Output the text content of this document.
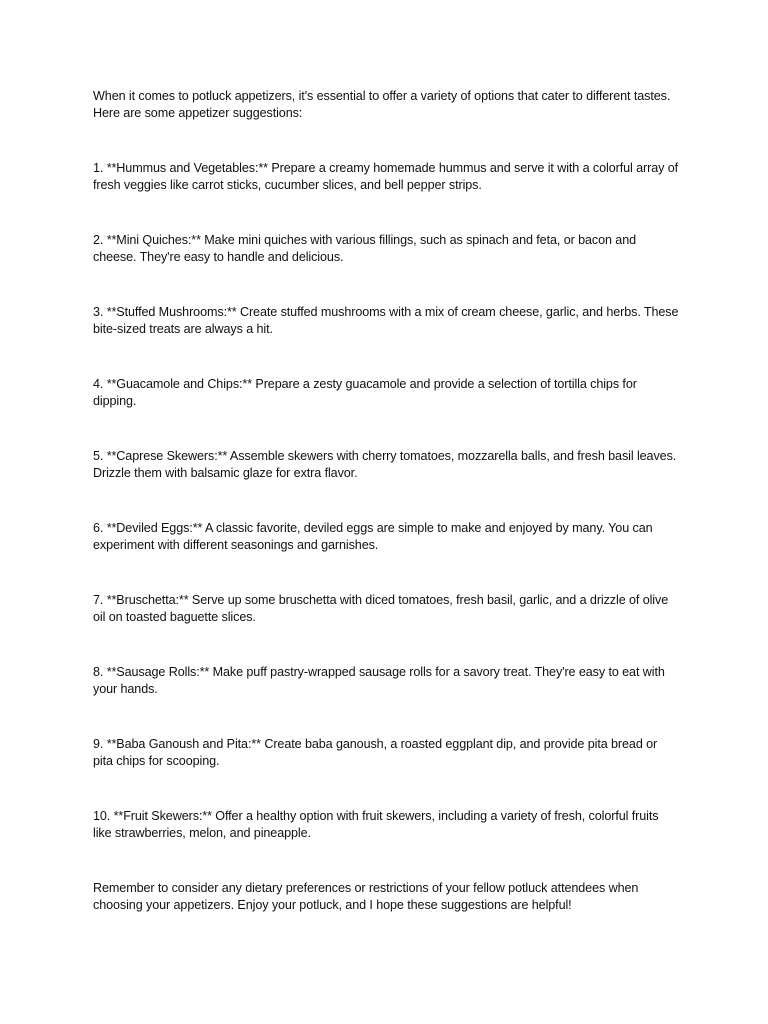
When it comes to potluck appetizers, it's essential to offer a variety of options that cater to different tastes. Here are some appetizer suggestions:

1. **Hummus and Vegetables:** Prepare a creamy homemade hummus and serve it with a colorful array of fresh veggies like carrot sticks, cucumber slices, and bell pepper strips.

2. **Mini Quiches:** Make mini quiches with various fillings, such as spinach and feta, or bacon and cheese. They're easy to handle and delicious.

3. **Stuffed Mushrooms:** Create stuffed mushrooms with a mix of cream cheese, garlic, and herbs. These bite-sized treats are always a hit.

4. **Guacamole and Chips:** Prepare a zesty guacamole and provide a selection of tortilla chips for dipping.

5. **Caprese Skewers:** Assemble skewers with cherry tomatoes, mozzarella balls, and fresh basil leaves. Drizzle them with balsamic glaze for extra flavor.

6. **Deviled Eggs:** A classic favorite, deviled eggs are simple to make and enjoyed by many. You can experiment with different seasonings and garnishes.

7. **Bruschetta:** Serve up some bruschetta with diced tomatoes, fresh basil, garlic, and a drizzle of olive oil on toasted baguette slices.

8. **Sausage Rolls:** Make puff pastry-wrapped sausage rolls for a savory treat. They're easy to eat with your hands.

9. **Baba Ganoush and Pita:** Create baba ganoush, a roasted eggplant dip, and provide pita bread or pita chips for scooping.

10. **Fruit Skewers:** Offer a healthy option with fruit skewers, including a variety of fresh, colorful fruits like strawberries, melon, and pineapple.

Remember to consider any dietary preferences or restrictions of your fellow potluck attendees when choosing your appetizers. Enjoy your potluck, and I hope these suggestions are helpful!
